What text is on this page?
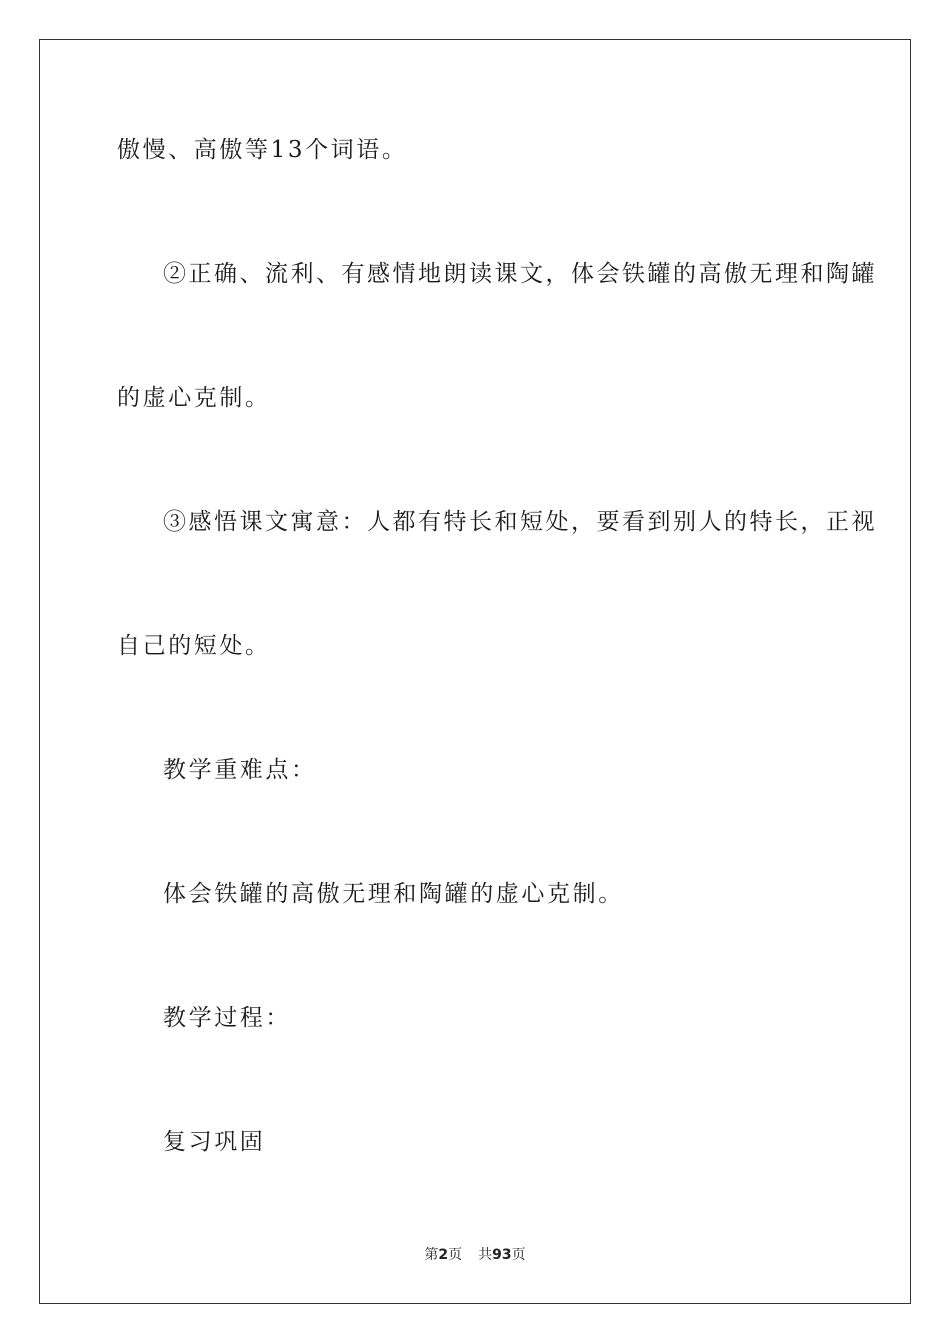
傲慢、高傲等13个词语。
②正确、流利、有感情地朗读课文，体会铁罐的高傲无理和陶罐
的虚心克制。
③感悟课文寓意：人都有特长和短处，要看到别人的特长，正视
自己的短处。
教学重难点：
体会铁罐的高傲无理和陶罐的虚心克制。
教学过程：
复习巩固
第2页 共93页
